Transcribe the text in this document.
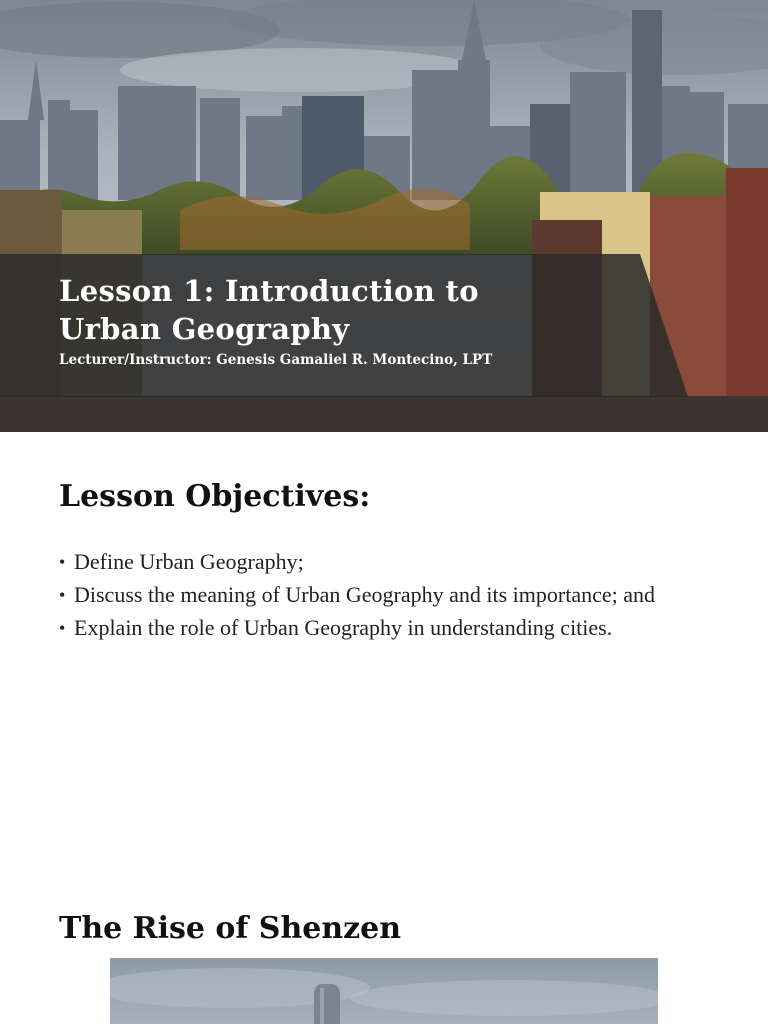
Lesson 1: Introduction to
Urban Geography
Lecturer/Instructor: Genesis Gamaliel R. Montecino, LPT
Lesson Objectives:
• Define Urban Geography;
• Discuss the meaning of Urban Geography and its importance; and
• Explain the role of Urban Geography in understanding cities.
The Rise of Shenzen
